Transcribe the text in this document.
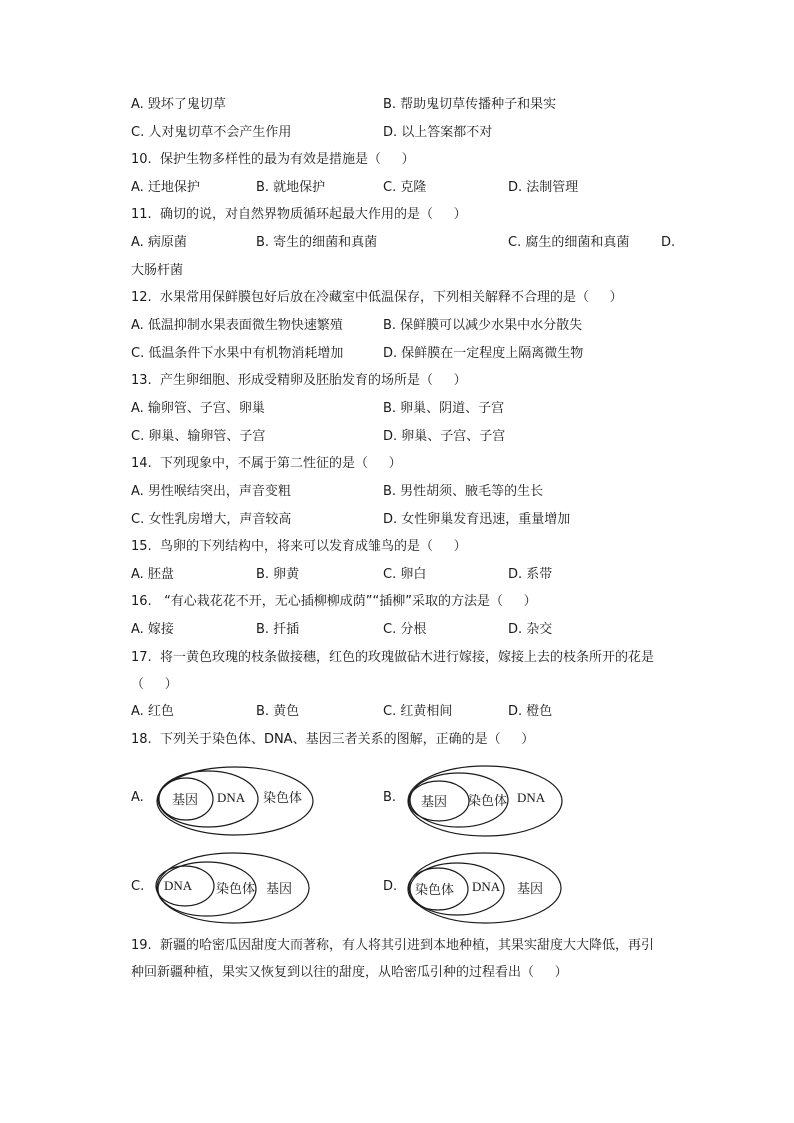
A. 毁坏了鬼切草	B. 帮助鬼切草传播种子和果实
C. 人对鬼切草不会产生作用	D. 以上答案都不对
10.  保护生物多样性的最为有效是措施是（     ）
A. 迁地保护	B. 就地保护	C. 克隆	D. 法制管理
11.  确切的说，对自然界物质循环起最大作用的是（     ）
A. 病原菌	B. 寄生的细菌和真菌	C. 腐生的细菌和真菌 D.
大肠杆菌
12.  水果常用保鲜膜包好后放在冷藏室中低温保存，下列相关解释不合理的是（     ）
A. 低温抑制水果表面微生物快速繁殖	B. 保鲜膜可以减少水果中水分散失
C. 低温条件下水果中有机物消耗增加	D. 保鲜膜在一定程度上隔离微生物
13.  产生卵细胞、形成受精卵及胚胎发育的场所是（     ）
A. 输卵管、子宫、卵巢	B. 卵巢、阴道、子宫
C. 卵巢、输卵管、子宫	D. 卵巢、子宫、子宫
14.  下列现象中，不属于第二性征的是（     ）
A. 男性喉结突出，声音变粗	B. 男性胡须、腋毛等的生长
C. 女性乳房增大，声音较高	D. 女性卵巢发育迅速，重量增加
15.  鸟卵的下列结构中，将来可以发育成雏鸟的是（     ）
A. 胚盘	B. 卵黄	C. 卵白	D. 系带
16.   “有心栽花花不开，无心插柳柳成荫”“插柳”采取的方法是（     ）
A. 嫁接	B. 扦插	C. 分根	D. 杂交
17.  将一黄色玫瑰的枝条做接穗，红色的玫瑰做砧木进行嫁接，嫁接上去的枝条所开的花是
（     ）
A. 红色	B. 黄色	C. 红黄相间	D. 橙色
18.  下列关于染色体、DNA、基因三者关系的图解，正确的是（     ）
A. 基因 DNA 染色体	B. 基因 染色体 DNA
C. DNA 染色体 基因	D. 染色体 DNA 基因
19.  新疆的哈密瓜因甜度大而著称，有人将其引进到本地种植，其果实甜度大大降低，再引
种回新疆种植，果实又恢复到以往的甜度，从哈密瓜引种的过程看出（     ）
